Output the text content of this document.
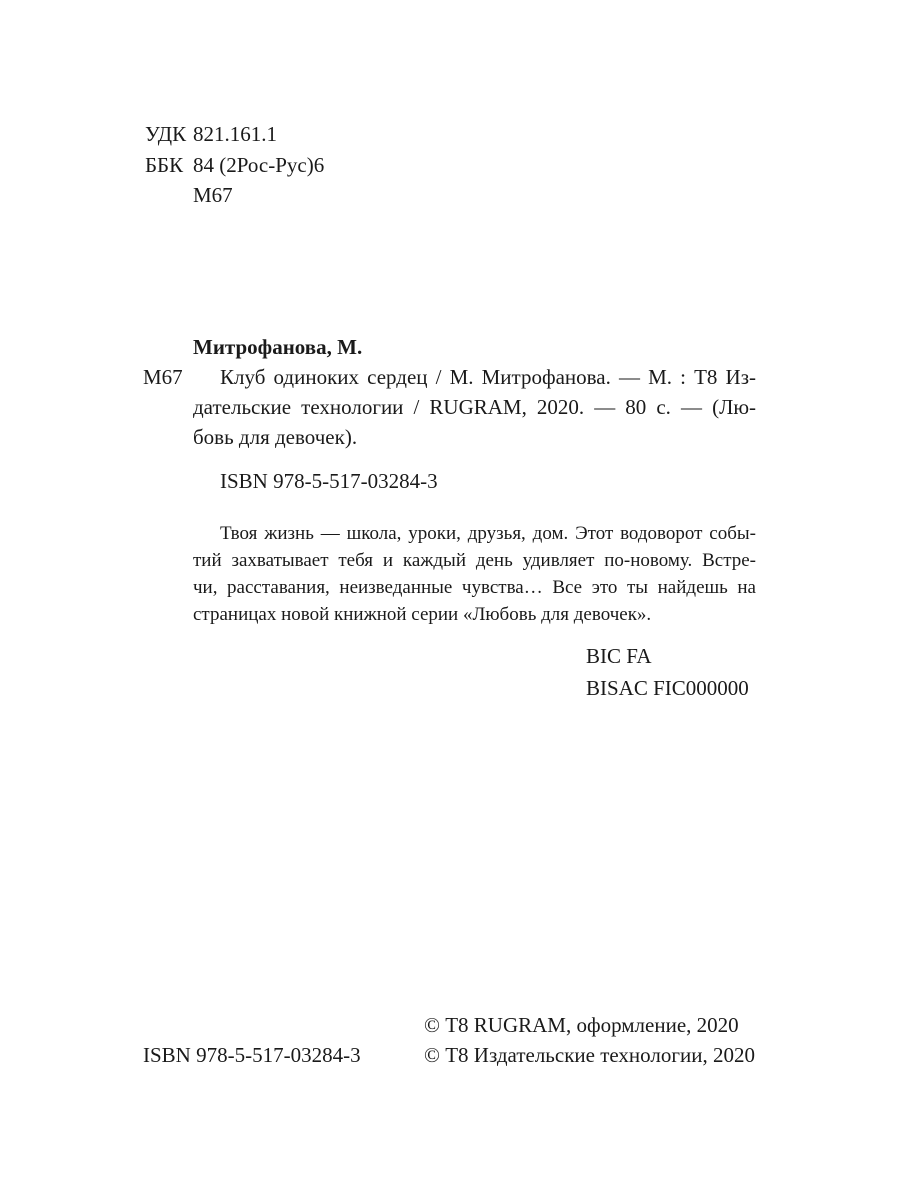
УДК 821.161.1
ББК 84 (2Рос-Рус)6
М67
Митрофанова, М.
М67	Клуб одиноких сердец / М. Митрофанова. — М. : Т8 Из-
дательские технологии / RUGRAM, 2020. — 80 с. — (Лю-
бовь для девочек).
ISBN 978-5-517-03284-3
Твоя жизнь — школа, уроки, друзья, дом. Этот водоворот собы-
тий захватывает тебя и каждый день удивляет по-новому. Встре-
чи, расставания, неизведанные чувства… Все это ты найдешь на
страницах новой книжной серии «Любовь для девочек».
BIC FA
BISAC FIC000000
© Т8 RUGRAM, оформление, 2020
© Т8 Издательские технологии, 2020
ISBN 978-5-517-03284-3
